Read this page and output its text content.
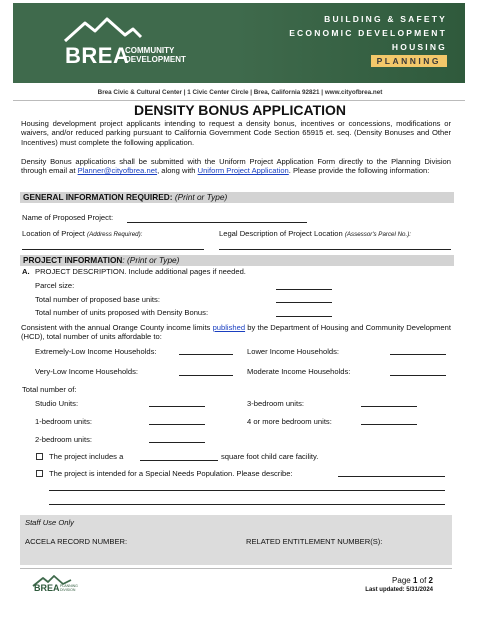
BREA
COMMUNITY
DEVELOPMENT
BUILDING & SAFETY
ECONOMIC DEVELOPMENT
HOUSING
PLANNING
Brea Civic & Cultural Center | 1 Civic Center Circle | Brea, California 92821 | www.cityofbrea.net
DENSITY BONUS APPLICATION

Housing development project applicants intending to request a density bonus, incentives or concessions, modifications or waivers, and/or reduced parking pursuant to California Government Code Section 65915 et. seq. (Density Bonuses and Other Incentives) must complete the following application.

Density Bonus applications shall be submitted with the Uniform Project Application Form directly to the Planning Division through email at Planner@cityofbrea.net, along with Uniform Project Application. Please provide the following information:

GENERAL INFORMATION REQUIRED: (Print or Type)
Name of Proposed Project:
Location of Project (Address Required):	Legal Description of Project Location (Assessor's Parcel No.):
PROJECT INFORMATION: (Print or Type)
A. PROJECT DESCRIPTION. Include additional pages if needed.
Parcel size:
Total number of proposed base units:
Total number of units proposed with Density Bonus:

Consistent with the annual Orange County income limits published by the Department of Housing and Community Development (HCD), total number of units affordable to:

Extremely-Low Income Households:	Lower Income Households:
Very-Low Income Households:	Moderate Income Households:
Total number of:
Studio Units:	3-bedroom units:
1-bedroom units:	4 or more bedroom units:
2-bedroom units:
The project includes a	square foot child care facility.
The project is intended for a Special Needs Population. Please describe:
Staff Use Only
ACCELA RECORD NUMBER:	RELATED ENTITLEMENT NUMBER(S):
BREA PLANNING
DIVISION
Page 1 of 2
Last updated: 5/31/2024
